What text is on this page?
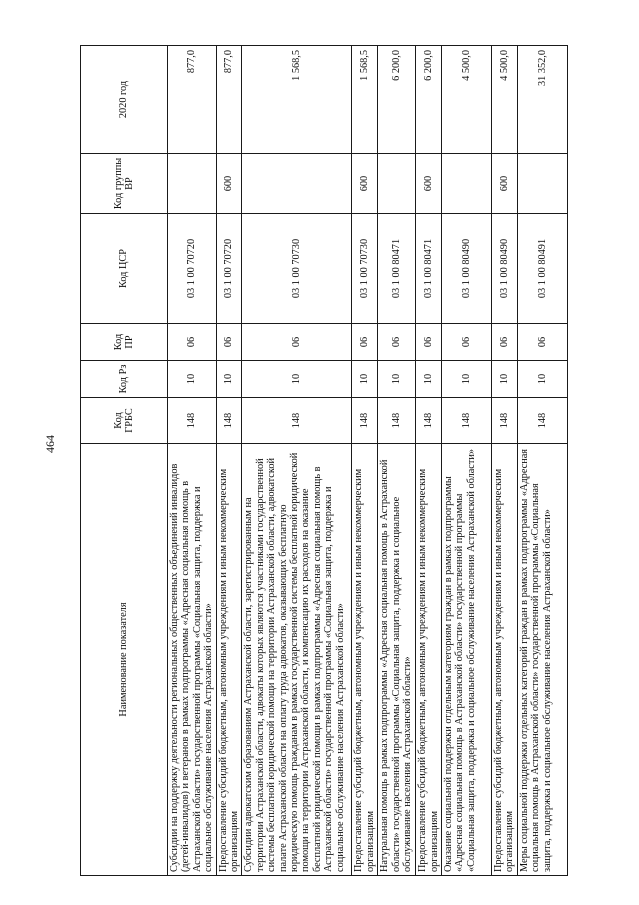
464
Наименование показателя	Код ГРБС	Код Рз	Код ПР	Код ЦСР	Код группы ВР	2020 год
Субсидии на поддержку деятельности региональных общественных объединений инвалидов (детей-инвалидов) и ветеранов в рамках подпрограммы «Адресная социальная помощь в Астраханской области» государственной программы «Социальная защита, поддержка и социальное обслуживание населения Астраханской области»	148	10	06	03 1 00 70720		877,0
Предоставление субсидий бюджетным, автономным учреждениям и иным некоммерческим организациям	148	10	06	03 1 00 70720	600	877,0
Субсидии адвокатским образованиям Астраханской области, зарегистрированным на территории Астраханской области, адвокаты которых являются участниками государственной системы бесплатной юридической помощи на территории Астраханской области, адвокатской палате Астраханской области на оплату труда адвокатов, оказывающих бесплатную юридическую помощь гражданам в рамках государственной системы бесплатной юридической помощи на территории Астраханской области, и компенсацию их расходов на оказание бесплатной юридической помощи в рамках подпрограммы «Адресная социальная помощь в Астраханской области» государственной программы «Социальная защита, поддержка и социальное обслуживание населения Астраханской области»	148	10	06	03 1 00 70730		1 568,5
Предоставление субсидий бюджетным, автономным учреждениям и иным некоммерческим организациям	148	10	06	03 1 00 70730	600	1 568,5
Натуральная помощь в рамках подпрограммы «Адресная социальная помощь в Астраханской области» государственной программы «Социальная защита, поддержка и социальное обслуживание населения Астраханской области»	148	10	06	03 1 00 80471		6 200,0
Предоставление субсидий бюджетным, автономным учреждениям и иным некоммерческим организациям	148	10	06	03 1 00 80471	600	6 200,0
Оказание социальной поддержки отдельным категориям граждан в рамках подпрограммы «Адресная социальная помощь в Астраханской области» государственной программы «Социальная защита, поддержка и социальное обслуживание населения Астраханской области»	148	10	06	03 1 00 80490		4 500,0
Предоставление субсидий бюджетным, автономным учреждениям и иным некоммерческим организациям	148	10	06	03 1 00 80490	600	4 500,0
Меры социальной поддержки отдельных категорий граждан в рамках подпрограммы «Адресная социальная помощь в Астраханской области» государственной программы «Социальная защита, поддержка и социальное обслуживание населения Астраханской области»	148	10	06	03 1 00 80491		31 352,0
